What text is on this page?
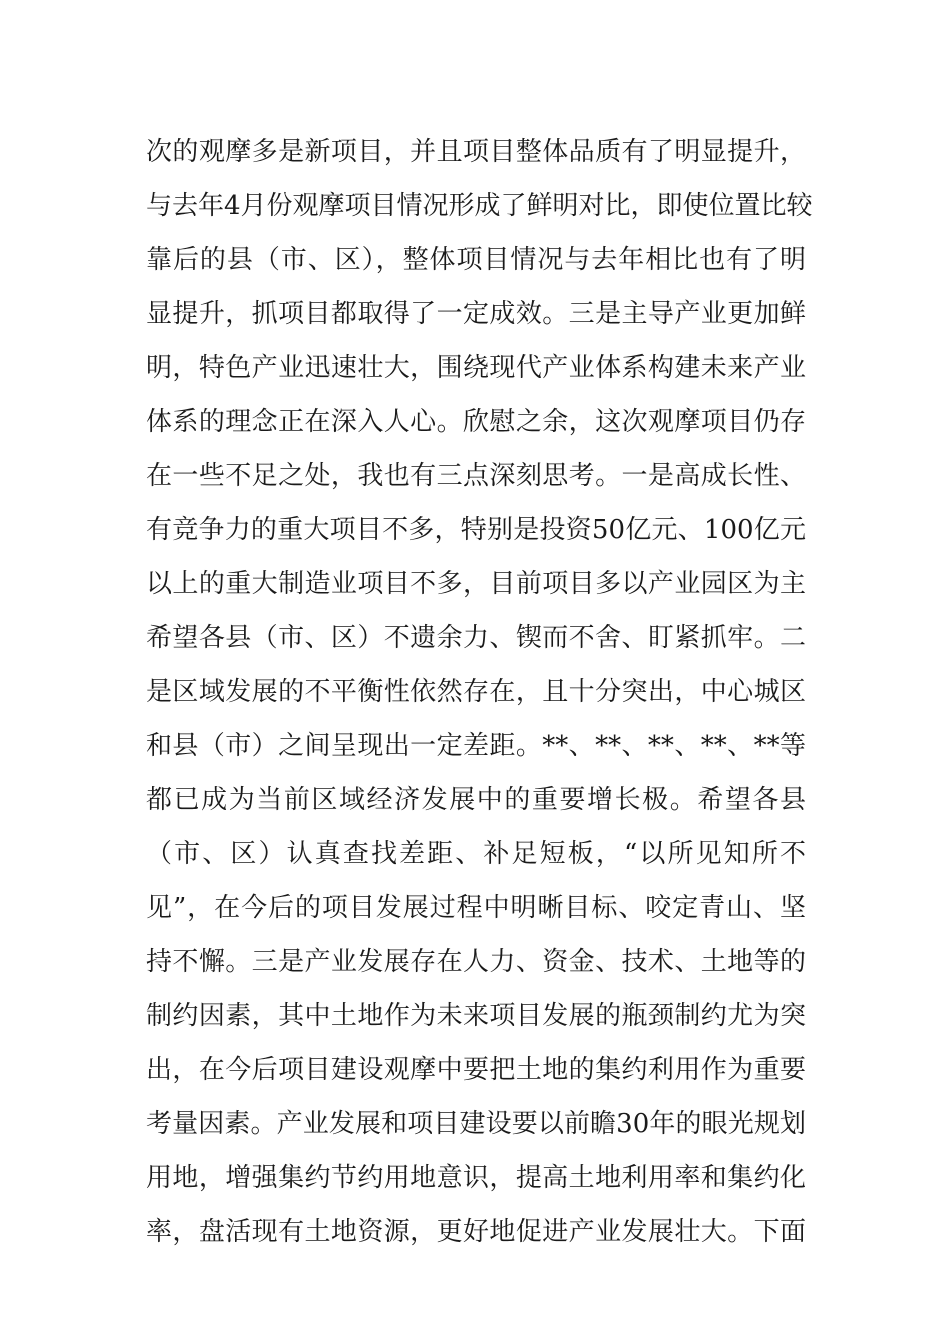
次的观摩多是新项目，并且项目整体品质有了明显提升，
与去年4月份观摩项目情况形成了鲜明对比，即使位置比较
靠后的县（市、区），整体项目情况与去年相比也有了明
显提升，抓项目都取得了一定成效。三是主导产业更加鲜
明，特色产业迅速壮大，围绕现代产业体系构建未来产业
体系的理念正在深入人心。欣慰之余，这次观摩项目仍存
在一些不足之处，我也有三点深刻思考。一是高成长性、
有竞争力的重大项目不多，特别是投资50亿元、100亿元
以上的重大制造业项目不多，目前项目多以产业园区为主
希望各县（市、区）不遗余力、锲而不舍、盯紧抓牢。二
是区域发展的不平衡性依然存在，且十分突出，中心城区
和县（市）之间呈现出一定差距。**、**、**、**、**等
都已成为当前区域经济发展中的重要增长极。希望各县
（市、区）认真查找差距、补足短板，“以所见知所不
见”，在今后的项目发展过程中明晰目标、咬定青山、坚
持不懈。三是产业发展存在人力、资金、技术、土地等的
制约因素，其中土地作为未来项目发展的瓶颈制约尤为突
出，在今后项目建设观摩中要把土地的集约利用作为重要
考量因素。产业发展和项目建设要以前瞻30年的眼光规划
用地，增强集约节约用地意识，提高土地利用率和集约化
率，盘活现有土地资源，更好地促进产业发展壮大。下面
